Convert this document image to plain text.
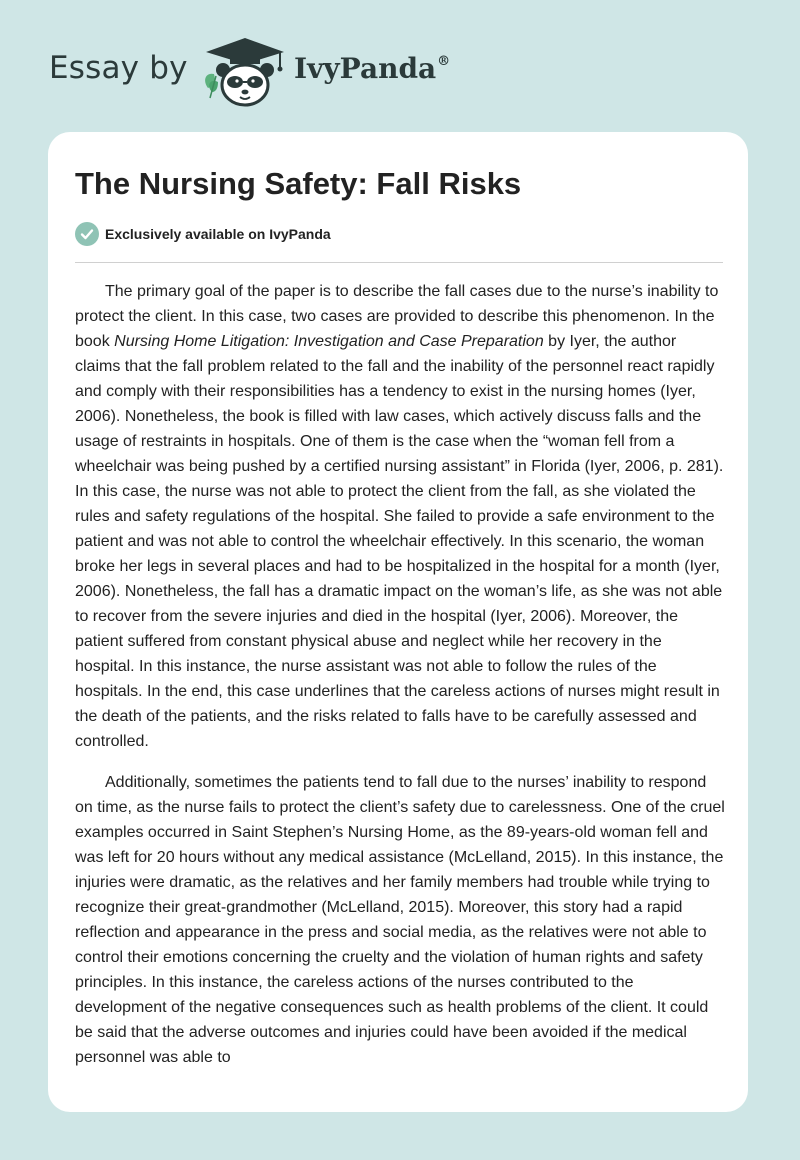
Essay by	IvyPanda®
The Nursing Safety: Fall Risks
Exclusively available on IvyPanda

The primary goal of the paper is to describe the fall cases due to the nurse’s inability to protect the client. In this case, two cases are provided to describe this phenomenon. In the book Nursing Home Litigation: Investigation and Case Preparation by Iyer, the author claims that the fall problem related to the fall and the inability of the personnel react rapidly and comply with their responsibilities has a tendency to exist in the nursing homes (Iyer, 2006). Nonetheless, the book is filled with law cases, which actively discuss falls and the usage of restraints in hospitals. One of them is the case when the “woman fell from a wheelchair was being pushed by a certified nursing assistant” in Florida (Iyer, 2006, p. 281). In this case, the nurse was not able to protect the client from the fall, as she violated the rules and safety regulations of the hospital. She failed to provide a safe environment to the patient and was not able to control the wheelchair effectively. In this scenario, the woman broke her legs in several places and had to be hospitalized in the hospital for a month (Iyer, 2006). Nonetheless, the fall has a dramatic impact on the woman’s life, as she was not able to recover from the severe injuries and died in the hospital (Iyer, 2006). Moreover, the patient suffered from constant physical abuse and neglect while her recovery in the hospital. In this instance, the nurse assistant was not able to follow the rules of the hospitals. In the end, this case underlines that the careless actions of nurses might result in the death of the patients, and the risks related to falls have to be carefully assessed and controlled.

Additionally, sometimes the patients tend to fall due to the nurses’ inability to respond on time, as the nurse fails to protect the client’s safety due to carelessness. One of the cruel examples occurred in Saint Stephen’s Nursing Home, as the 89-years-old woman fell and was left for 20 hours without any medical assistance (McLelland, 2015). In this instance, the injuries were dramatic, as the relatives and her family members had trouble while trying to recognize their great-grandmother (McLelland, 2015). Moreover, this story had a rapid reflection and appearance in the press and social media, as the relatives were not able to control their emotions concerning the cruelty and the violation of human rights and safety principles. In this instance, the careless actions of the nurses contributed to the development of the negative consequences such as health problems of the client. It could be said that the adverse outcomes and injuries could have been avoided if the medical personnel was able to
